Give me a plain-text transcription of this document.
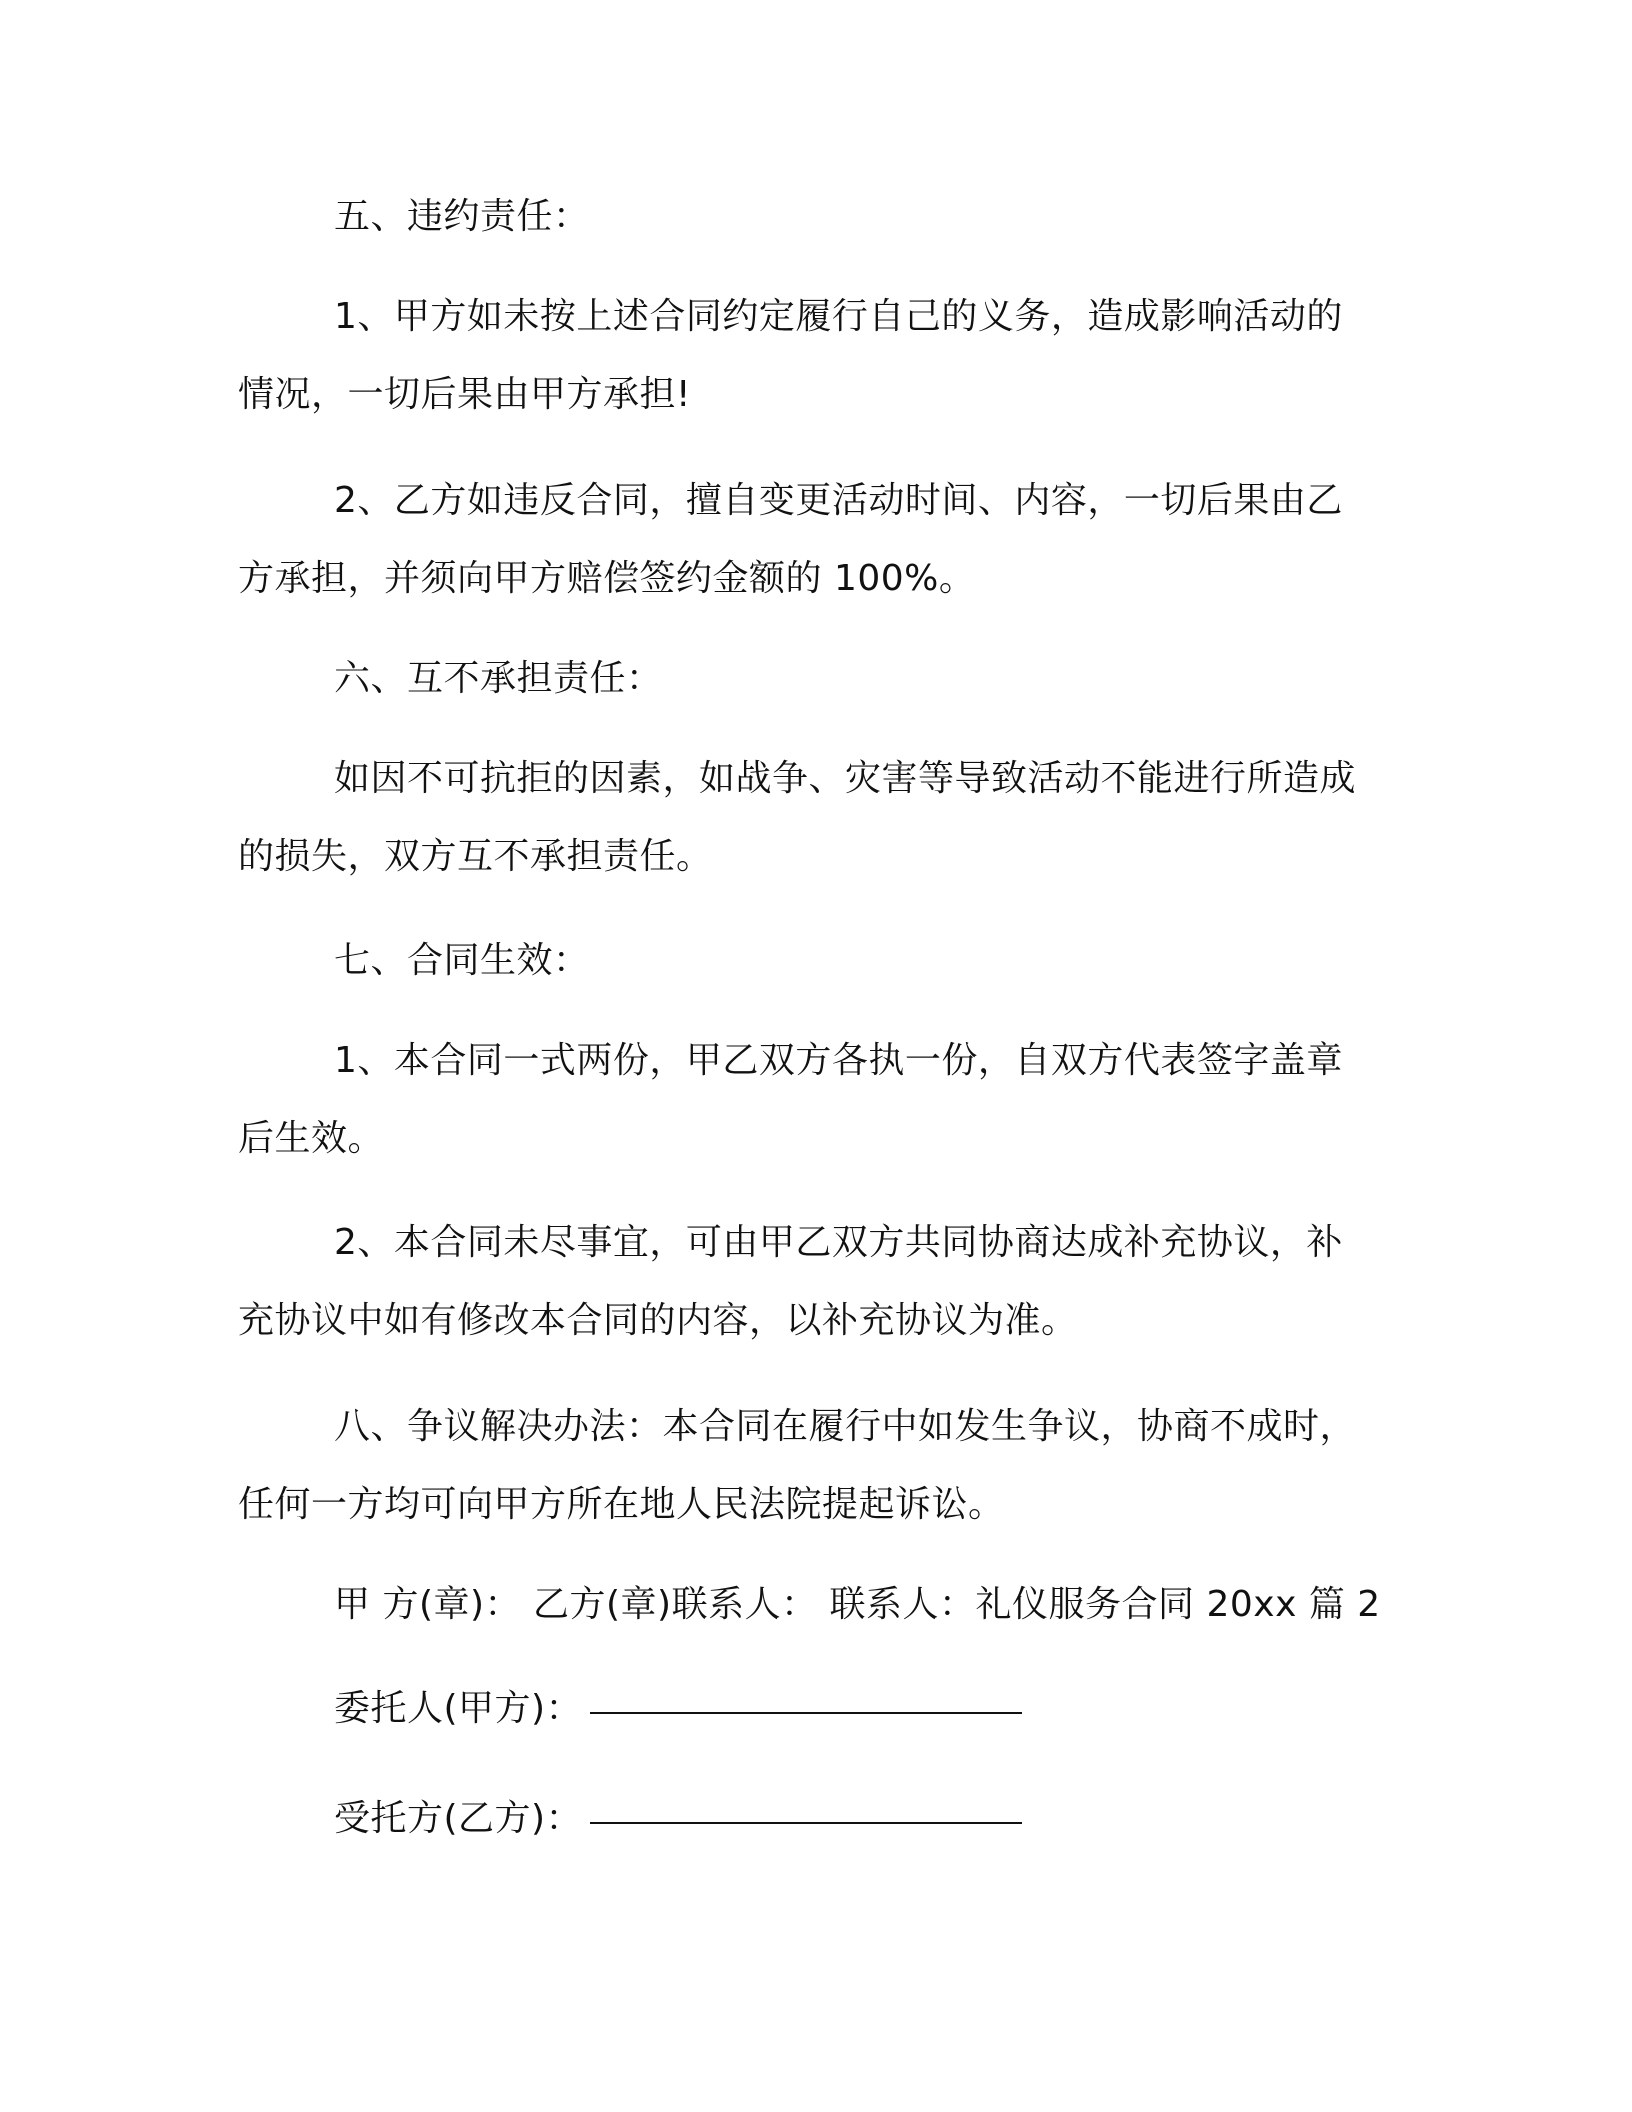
五、违约责任：
1、甲方如未按上述合同约定履行自己的义务，造成影响活动的
情况，一切后果由甲方承担!
2、乙方如违反合同，擅自变更活动时间、内容，一切后果由乙
方承担，并须向甲方赔偿签约金额的 100%。
六、互不承担责任：
如因不可抗拒的因素，如战争、灾害等导致活动不能进行所造成
的损失，双方互不承担责任。
七、合同生效：
1、本合同一式两份，甲乙双方各执一份，自双方代表签字盖章
后生效。
2、本合同未尽事宜，可由甲乙双方共同协商达成补充协议，补
充协议中如有修改本合同的内容，以补充协议为准。
八、争议解决办法：本合同在履行中如发生争议，协商不成时，
任何一方均可向甲方所在地人民法院提起诉讼。
甲 方(章)： 乙方(章)联系人： 联系人：礼仪服务合同 20xx 篇 2
委托人(甲方)：
受托方(乙方)：
